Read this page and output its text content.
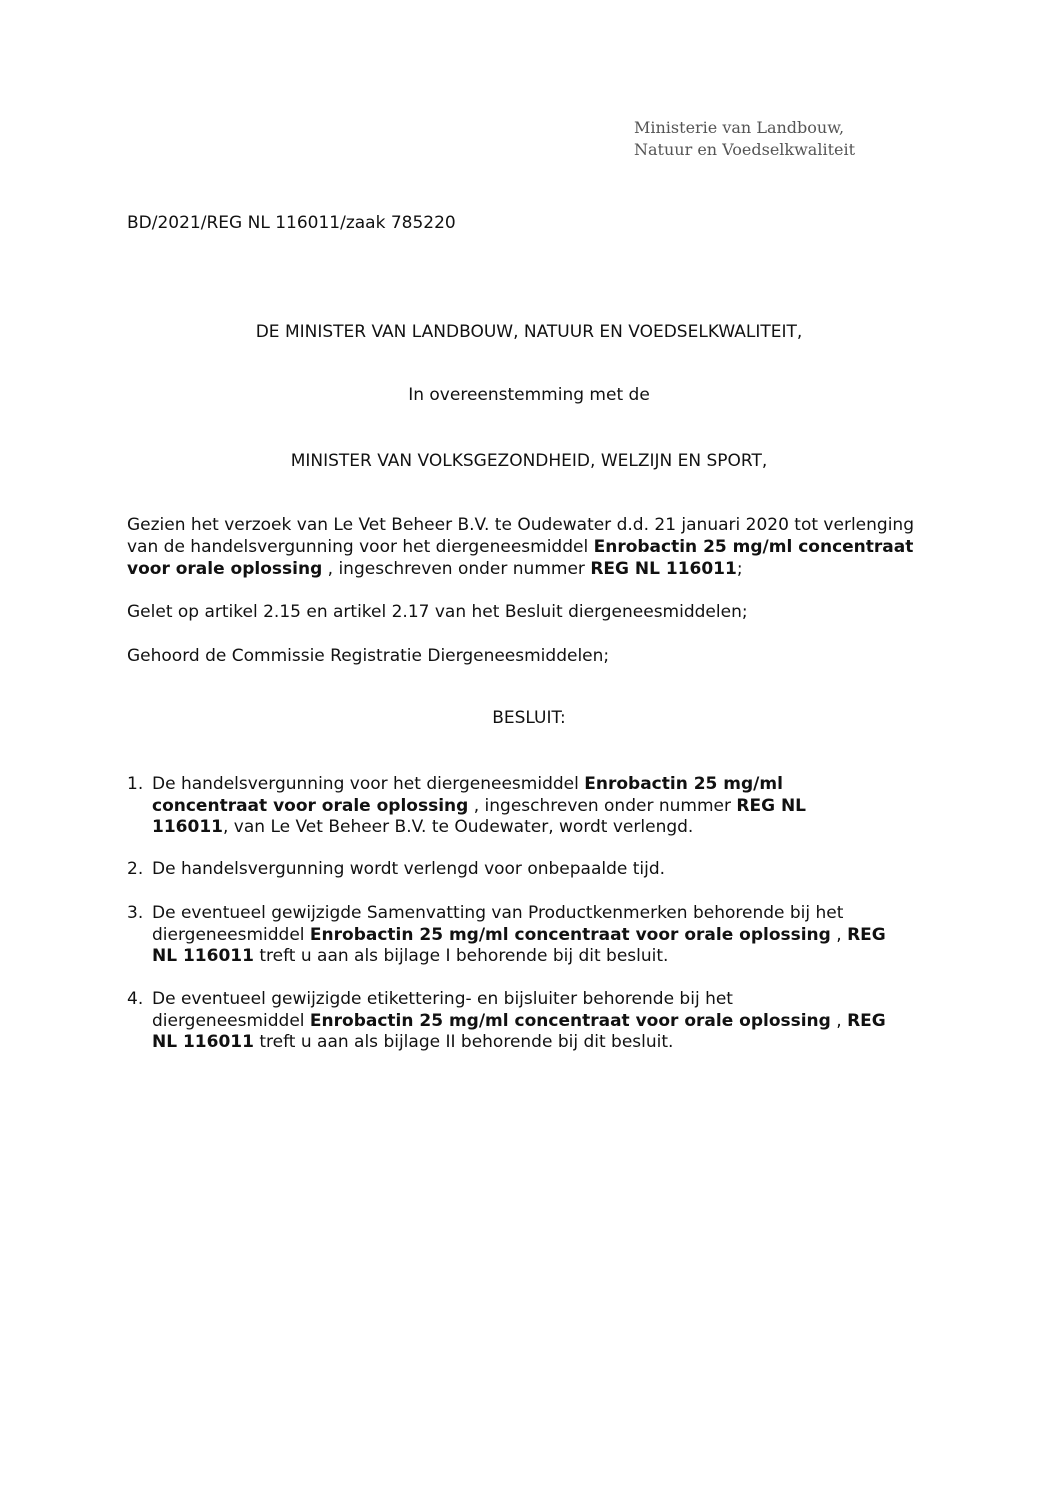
Ministerie van Landbouw,
Natuur en Voedselkwaliteit
BD/2021/REG NL 116011/zaak 785220
DE MINISTER VAN LANDBOUW, NATUUR EN VOEDSELKWALITEIT,
In overeenstemming met de
MINISTER VAN VOLKSGEZONDHEID, WELZIJN EN SPORT,
Gezien het verzoek van Le Vet Beheer B.V. te Oudewater d.d. 21 januari 2020 tot verlenging van de handelsvergunning voor het diergeneesmiddel Enrobactin 25 mg/ml concentraat voor orale oplossing , ingeschreven onder nummer REG NL 116011;
Gelet op artikel 2.15 en artikel 2.17 van het Besluit diergeneesmiddelen;
Gehoord de Commissie Registratie Diergeneesmiddelen;
BESLUIT:
1. De handelsvergunning voor het diergeneesmiddel Enrobactin 25 mg/ml concentraat voor orale oplossing , ingeschreven onder nummer REG NL 116011, van Le Vet Beheer B.V. te Oudewater, wordt verlengd.
2. De handelsvergunning wordt verlengd voor onbepaalde tijd.
3. De eventueel gewijzigde Samenvatting van Productkenmerken behorende bij het diergeneesmiddel Enrobactin 25 mg/ml concentraat voor orale oplossing , REG NL 116011 treft u aan als bijlage I behorende bij dit besluit.
4. De eventueel gewijzigde etikettering- en bijsluiter behorende bij het diergeneesmiddel Enrobactin 25 mg/ml concentraat voor orale oplossing , REG NL 116011 treft u aan als bijlage II behorende bij dit besluit.
